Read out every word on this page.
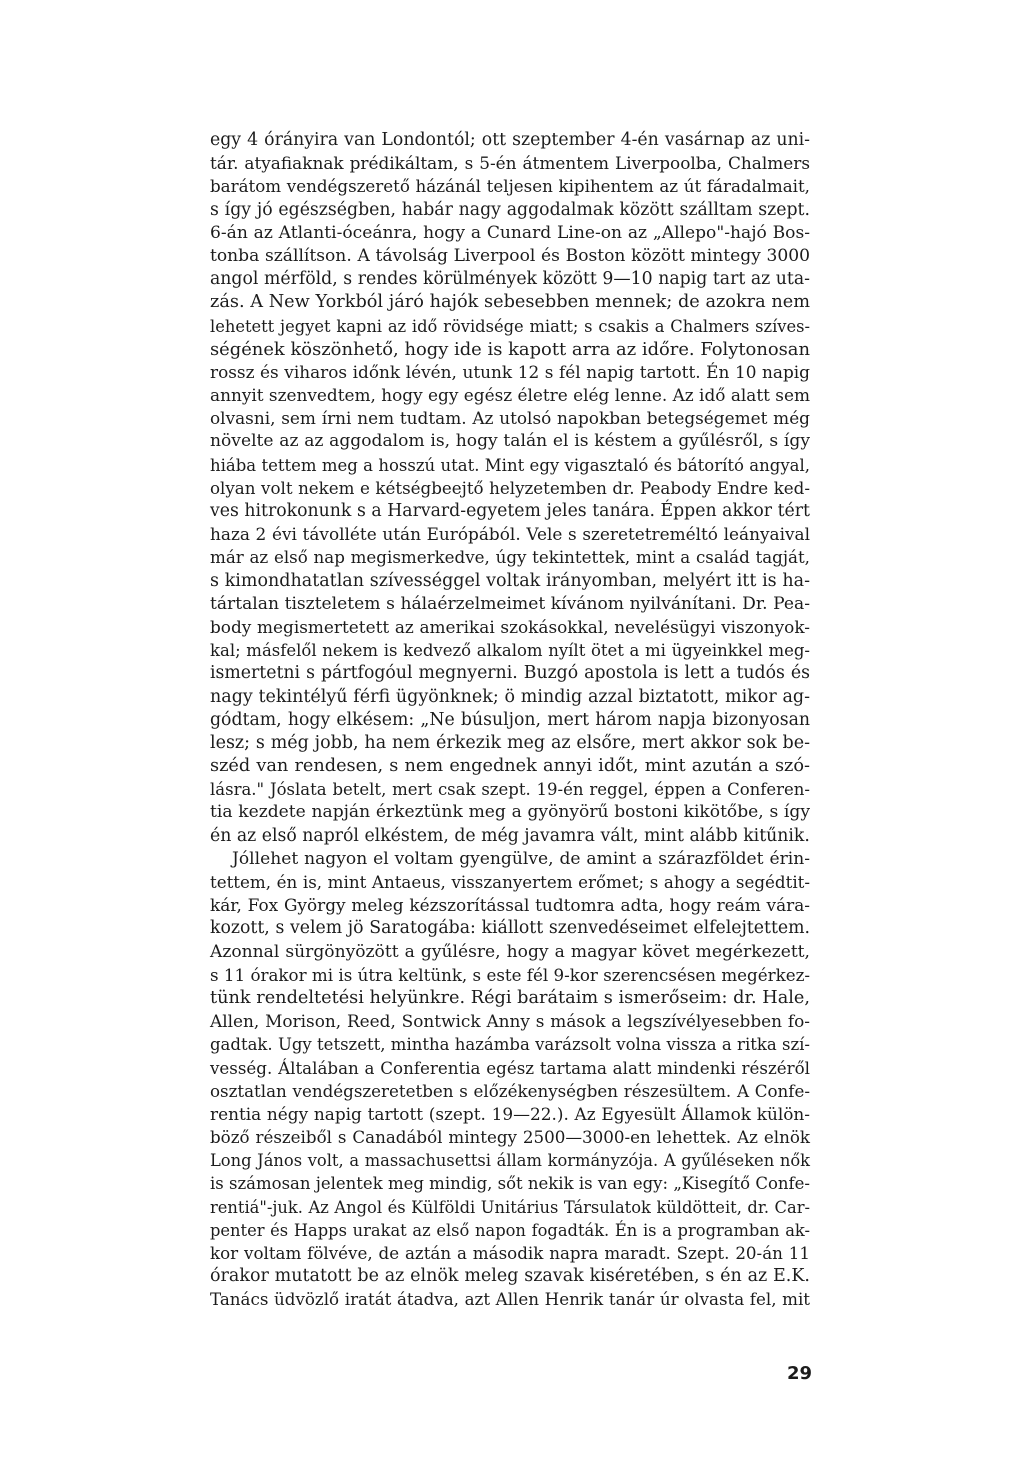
egy 4 órányira van Londontól; ott szeptember 4-én vasárnap az uni-
tár. atyafiaknak prédikáltam, s 5-én átmentem Liverpoolba, Chalmers
barátom vendégszerető házánál teljesen kipihentem az út fáradalmait,
s így jó egészségben, habár nagy aggodalmak között szálltam szept.
6-án az Atlanti-óceánra, hogy a Cunard Line-on az „Allepo"-hajó Bos-
tonba szállítson. A távolság Liverpool és Boston között mintegy 3000
angol mérföld, s rendes körülmények között 9—10 napig tart az uta-
zás. A New Yorkból járó hajók sebesebben mennek; de azokra nem
lehetett jegyet kapni az idő rövidsége miatt; s csakis a Chalmers szíves-
ségének köszönhető, hogy ide is kapott arra az időre. Folytonosan
rossz és viharos időnk lévén, utunk 12 s fél napig tartott. Én 10 napig
annyit szenvedtem, hogy egy egész életre elég lenne. Az idő alatt sem
olvasni, sem írni nem tudtam. Az utolsó napokban betegségemet még
növelte az az aggodalom is, hogy talán el is késtem a gyűlésről, s így
hiába tettem meg a hosszú utat. Mint egy vigasztaló és bátorító angyal,
olyan volt nekem e kétségbeejtő helyzetemben dr. Peabody Endre ked-
ves hitrokonunk s a Harvard-egyetem jeles tanára. Éppen akkor tért
haza 2 évi távolléte után Európából. Vele s szeretetreméltó leányaival
már az első nap megismerkedve, úgy tekintettek, mint a család tagját,
s kimondhatatlan szívességgel voltak irányomban, melyért itt is ha-
tártalan tiszteletem s hálaérzelmeimet kívánom nyilvánítani. Dr. Pea-
body megismertetett az amerikai szokásokkal, nevelésügyi viszonyok-
kal; másfelől nekem is kedvező alkalom nyílt ötet a mi ügyeinkkel meg-
ismertetni s pártfogóul megnyerni. Buzgó apostola is lett a tudós és
nagy tekintélyű férfi ügyönknek; ö mindig azzal biztatott, mikor ag-
gódtam, hogy elkésem: „Ne búsuljon, mert három napja bizonyosan
lesz; s még jobb, ha nem érkezik meg az elsőre, mert akkor sok be-
széd van rendesen, s nem engednek annyi időt, mint azután a szó-
lásra." Jóslata betelt, mert csak szept. 19-én reggel, éppen a Conferen-
tia kezdete napján érkeztünk meg a gyönyörű bostoni kikötőbe, s így
én az első napról elkéstem, de még javamra vált, mint alább kitűnik.
Jóllehet nagyon el voltam gyengülve, de amint a szárazföldet érin-
tettem, én is, mint Antaeus, visszanyertem erőmet; s ahogy a segédtit-
kár, Fox György meleg kézszorítással tudtomra adta, hogy reám vára-
kozott, s velem jö Saratogába: kiállott szenvedéseimet elfelejtettem.
Azonnal sürgönyözött a gyűlésre, hogy a magyar követ megérkezett,
s 11 órakor mi is útra keltünk, s este fél 9-kor szerencsésen megérkez-
tünk rendeltetési helyünkre. Régi barátaim s ismerőseim: dr. Hale,
Allen, Morison, Reed, Sontwick Anny s mások a legszívélyesebben fo-
gadtak. Ugy tetszett, mintha hazámba varázsolt volna vissza a ritka szí-
vesség. Általában a Conferentia egész tartama alatt mindenki részéről
osztatlan vendégszeretetben s előzékenységben részesültem. A Confe-
rentia négy napig tartott (szept. 19—22.). Az Egyesült Államok külön-
böző részeiből s Canadából mintegy 2500—3000-en lehettek. Az elnök
Long János volt, a massachusettsi állam kormányzója. A gyűléseken nők
is számosan jelentek meg mindig, sőt nekik is van egy: „Kisegítő Confe-
rentiá"-juk. Az Angol és Külföldi Unitárius Társulatok küldötteit, dr. Car-
penter és Happs urakat az első napon fogadták. Én is a programban ak-
kor voltam fölvéve, de aztán a második napra maradt. Szept. 20-án 11
órakor mutatott be az elnök meleg szavak kiséretében, s én az E.K.
Tanács üdvözlő iratát átadva, azt Allen Henrik tanár úr olvasta fel, mit
29
